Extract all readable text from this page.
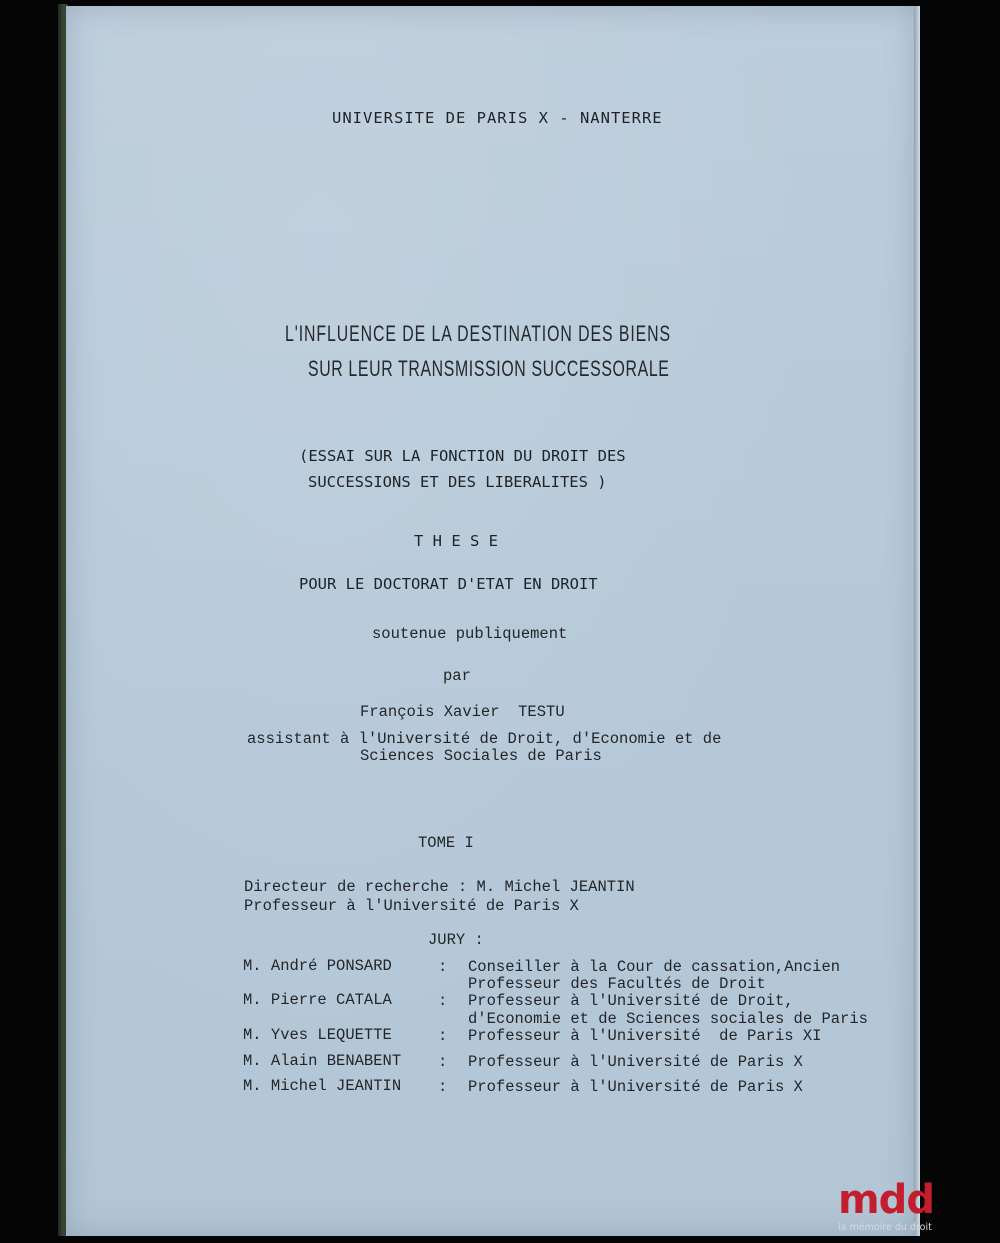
UNIVERSITE DE PARIS X - NANTERRE

L'INFLUENCE DE LA DESTINATION DES BIENS

SUR LEUR TRANSMISSION SUCCESSORALE

(ESSAI SUR LA FONCTION DU DROIT DES

SUCCESSIONS ET DES LIBERALITES )

T H E S E

POUR LE DOCTORAT D'ETAT EN DROIT

soutenue publiquement

par

François Xavier  TESTU

assistant à l'Université de Droit, d'Economie et de

Sciences Sociales de Paris

TOME I

Directeur de recherche : M. Michel JEANTIN

Professeur à l'Université de Paris X

JURY :

M. André PONSARD	: Conseiller à la Cour de cassation,Ancien

Professeur des Facultés de Droit

M. Pierre CATALA	: Professeur à l'Université de Droit,

d'Economie et de Sciences sociales de Paris

M. Yves LEQUETTE	: Professeur à l'Université  de Paris XI

M. Alain BENABENT : Professeur à l'Université de Paris X

M. Michel JEANTIN : Professeur à l'Université de Paris X

mdd

la mémoire du droit
